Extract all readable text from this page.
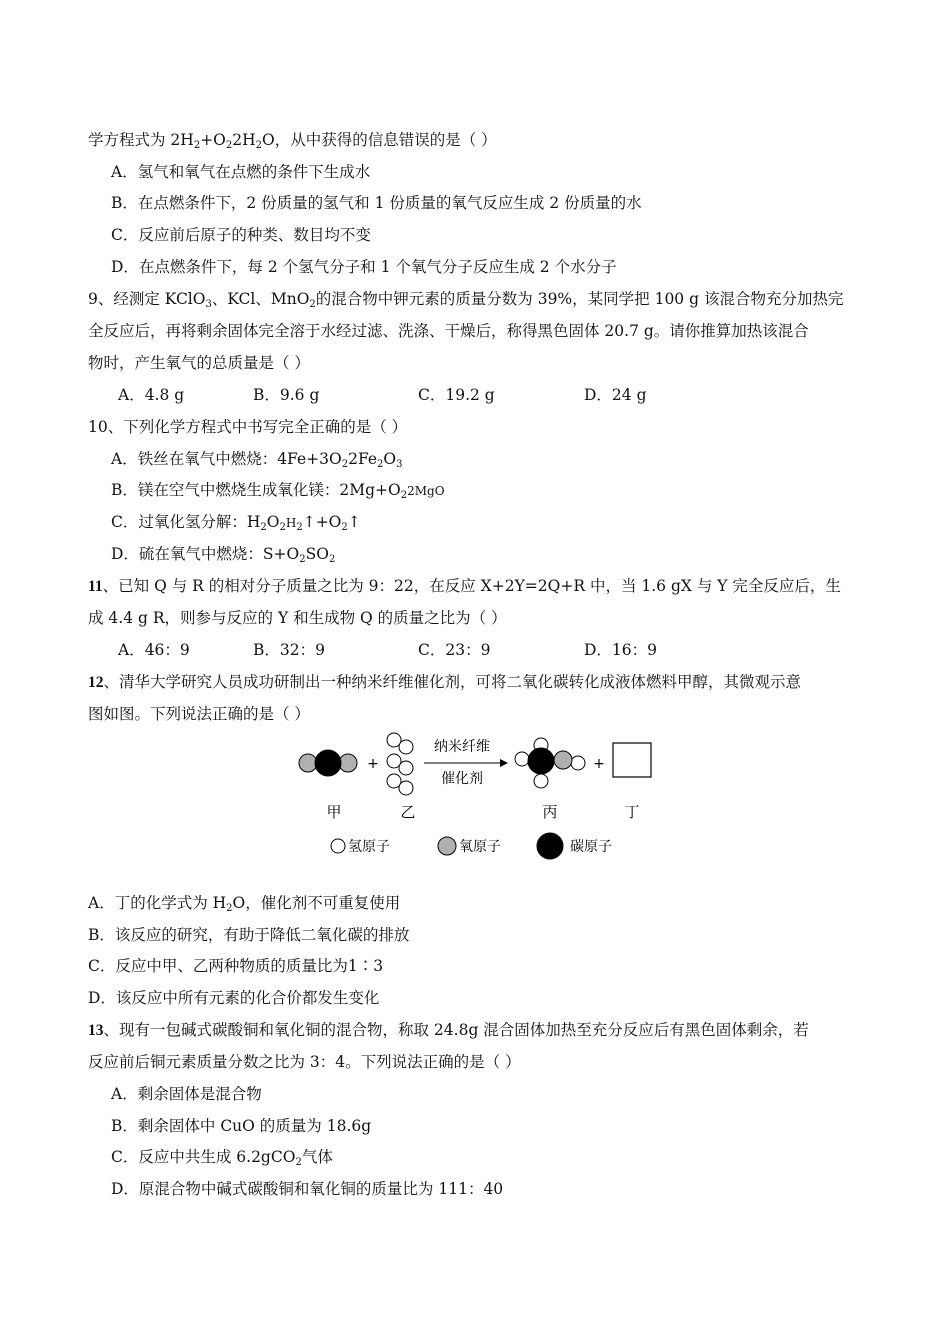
学方程式为 $2H_2+O_22H_2O$，从中获得的信息错误的是（ ）
A．氢气和氧气在点燃的条件下生成水
B．在点燃条件下，2 份质量的氢气和 1 份质量的氧气反应生成 2 份质量的水
C．反应前后原子的种类、数目均不变
D．在点燃条件下，每 2 个氢气分子和 1 个氧气分子反应生成 2 个水分子
9、经测定 KClO$_3$、KCl、MnO$_2$的混合物中钾元素的质量分数为 39%，某同学把 100 g 该混合物充分加热完
全反应后，再将剩余固体完全溶于水经过滤、洗涤、干燥后，称得黑色固体 20.7 g。请你推算加热该混合
物时，产生氧气的总质量是（ ）
A．4.8 g	B．9.6 g	C．19.2 g	D．24 g
10、下列化学方程式中书写完全正确的是（ ）
A．铁丝在氧气中燃烧：$4Fe+3O_22Fe_2O_3$
B．镁在空气中燃烧生成氧化镁：$2Mg+O_22MgO$
C．过氧化氢分解：$H_2O_2H_2↑+O_2↑$
D．硫在氧气中燃烧：$S+O_2SO_2$
11、已知 Q 与 R 的相对分子质量之比为 9：22，在反应 X+2Y=2Q+R 中，当 1.6 gX 与 Y 完全反应后，生
成 4.4 g R，则参与反应的 Y 和生成物 Q 的质量之比为（ ）
A．46：9	B．32：9	C．23：9	D．16：9
12、清华大学研究人员成功研制出一种纳米纤维催化剂，可将二氧化碳转化成液体燃料甲醇，其微观示意
图如图。下列说法正确的是（ ）
+
纳米纤维
催化剂
+
甲	乙	丙	丁
氢原子	氧原子	碳原子
A．丁的化学式为 $H_2O$，催化剂不可重复使用
B．该反应的研究，有助于降低二氧化碳的排放
C．反应中甲、乙两种物质的质量比为1∶3
D．该反应中所有元素的化合价都发生变化
13、现有一包碱式碳酸铜和氧化铜的混合物，称取 24.8g 混合固体加热至充分反应后有黑色固体剩余，若
反应前后铜元素质量分数之比为 3：4。下列说法正确的是（ ）
A．剩余固体是混合物
B．剩余固体中 CuO 的质量为 18.6g
C．反应中共生成 6.2gCO$_2$气体
D．原混合物中碱式碳酸铜和氧化铜的质量比为 111：40
